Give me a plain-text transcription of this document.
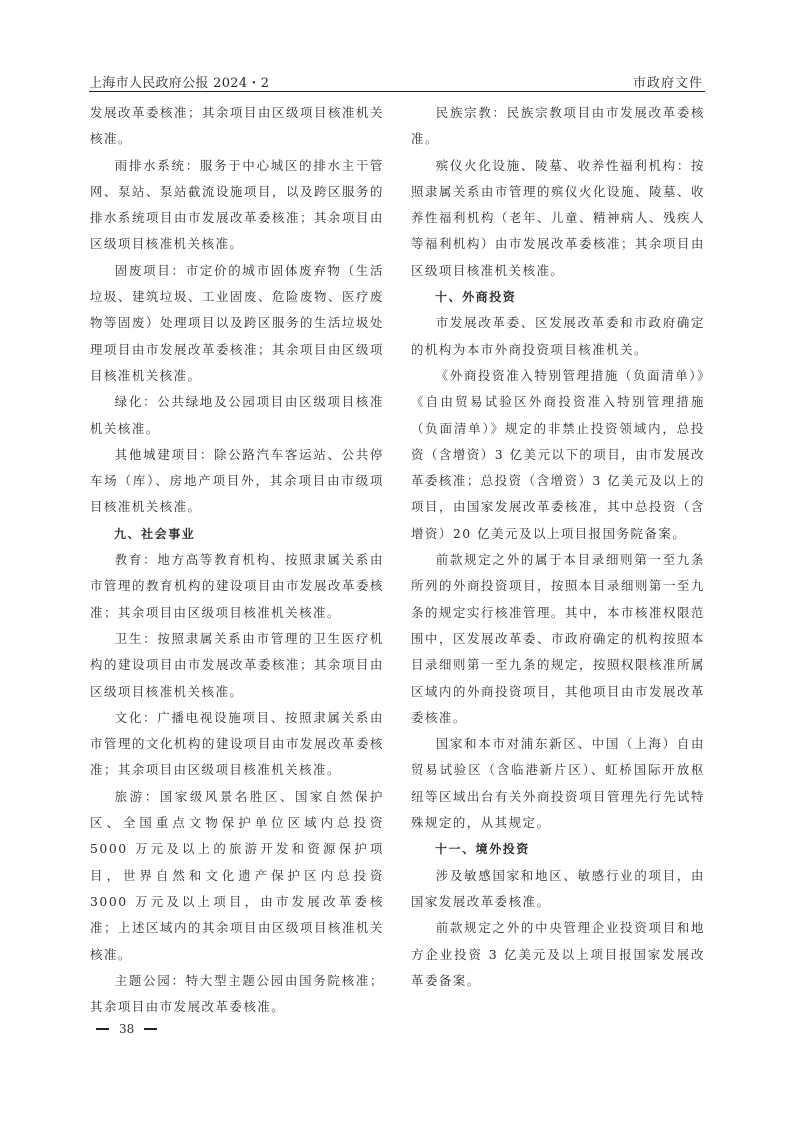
上海市人民政府公报 2024・2	市政府文件

发展改革委核准；其余项目由区级项目核准机关核准。

雨排水系统：服务于中心城区的排水主干管网、泵站、泵站截流设施项目，以及跨区服务的排水系统项目由市发展改革委核准；其余项目由区级项目核准机关核准。

固废项目：市定价的城市固体废弃物（生活垃圾、建筑垃圾、工业固废、危险废物、医疗废物等固废）处理项目以及跨区服务的生活垃圾处理项目由市发展改革委核准；其余项目由区级项目核准机关核准。

绿化：公共绿地及公园项目由区级项目核准机关核准。

其他城建项目：除公路汽车客运站、公共停车场（库）、房地产项目外，其余项目由市级项目核准机关核准。

九、社会事业

教育：地方高等教育机构、按照隶属关系由市管理的教育机构的建设项目由市发展改革委核准；其余项目由区级项目核准机关核准。

卫生：按照隶属关系由市管理的卫生医疗机构的建设项目由市发展改革委核准；其余项目由区级项目核准机关核准。

文化：广播电视设施项目、按照隶属关系由市管理的文化机构的建设项目由市发展改革委核准；其余项目由区级项目核准机关核准。

旅游：国家级风景名胜区、国家自然保护区、全国重点文物保护单位区域内总投资 5000 万元及以上的旅游开发和资源保护项目，世界自然和文化遗产保护区内总投资 3000 万元及以上项目，由市发展改革委核准；上述区域内的其余项目由区级项目核准机关核准。

主题公园：特大型主题公园由国务院核准；其余项目由市发展改革委核准。

民族宗教：民族宗教项目由市发展改革委核准。

殡仪火化设施、陵墓、收养性福利机构：按照隶属关系由市管理的殡仪火化设施、陵墓、收养性福利机构（老年、儿童、精神病人、残疾人等福利机构）由市发展改革委核准；其余项目由区级项目核准机关核准。

十、外商投资

市发展改革委、区发展改革委和市政府确定的机构为本市外商投资项目核准机关。

《外商投资准入特别管理措施（负面清单）》《自由贸易试验区外商投资准入特别管理措施（负面清单）》规定的非禁止投资领域内，总投资（含增资）3 亿美元以下的项目，由市发展改革委核准；总投资（含增资）3 亿美元及以上的项目，由国家发展改革委核准，其中总投资（含增资）20 亿美元及以上项目报国务院备案。

前款规定之外的属于本目录细则第一至九条所列的外商投资项目，按照本目录细则第一至九条的规定实行核准管理。其中，本市核准权限范围中，区发展改革委、市政府确定的机构按照本目录细则第一至九条的规定，按照权限核准所属区域内的外商投资项目，其他项目由市发展改革委核准。

国家和本市对浦东新区、中国（上海）自由贸易试验区（含临港新片区）、虹桥国际开放枢纽等区域出台有关外商投资项目管理先行先试特殊规定的，从其规定。

十一、境外投资

涉及敏感国家和地区、敏感行业的项目，由国家发展改革委核准。

前款规定之外的中央管理企业投资项目和地方企业投资 3 亿美元及以上项目报国家发展改革委备案。

38
